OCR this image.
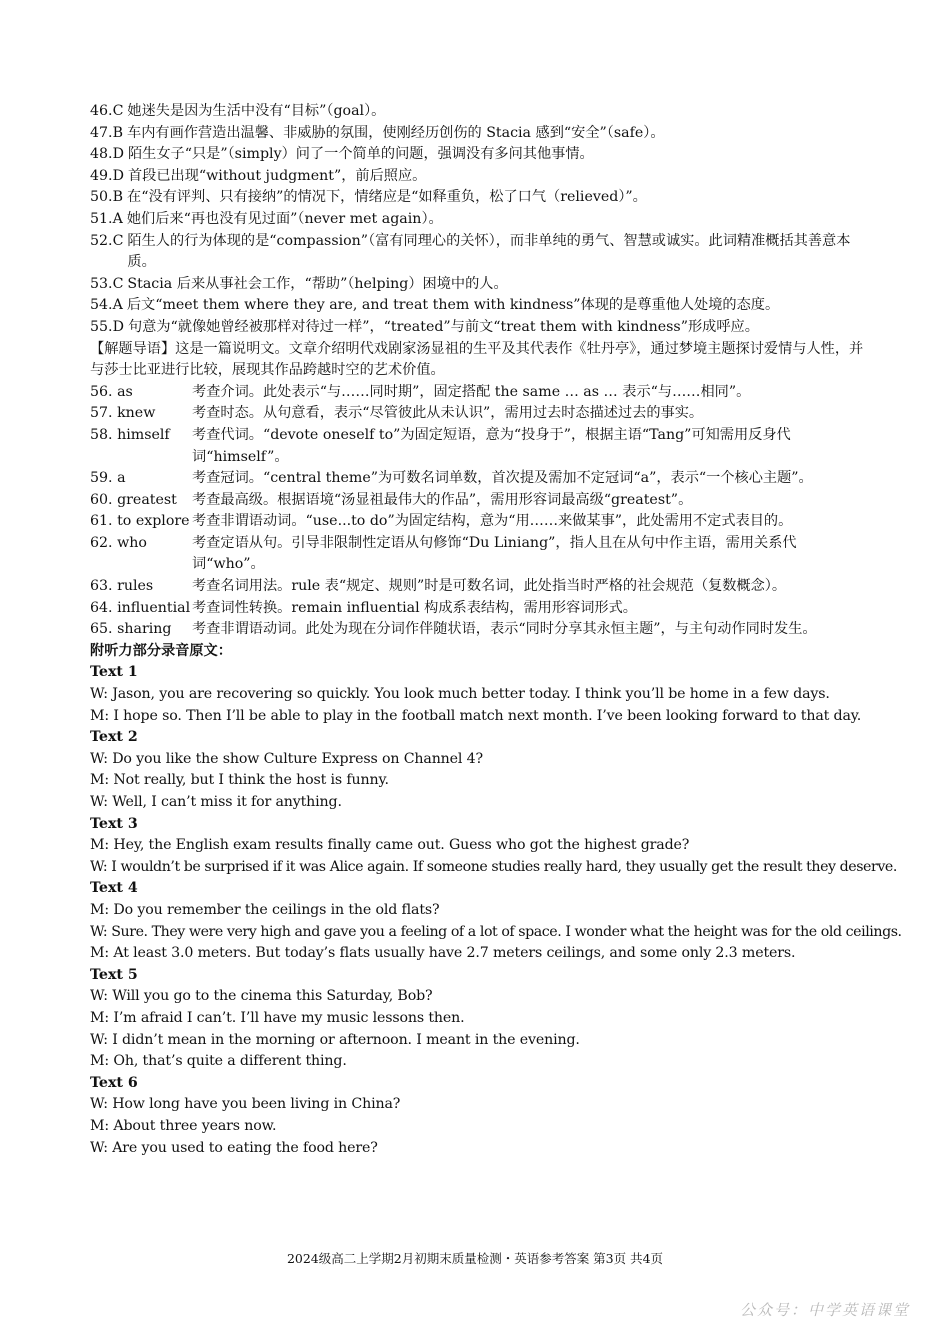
46.C 她迷失是因为生活中没有“目标”（goal）。
47.B 车内有画作营造出温馨、非威胁的氛围，使刚经历创伤的 Stacia 感到“安全”（safe）。
48.D 陌生女子“只是”（simply）问了一个简单的问题，强调没有多问其他事情。
49.D 首段已出现“without judgment”，前后照应。
50.B 在“没有评判、只有接纳”的情况下，情绪应是“如释重负，松了口气（relieved）”。
51.A 她们后来“再也没有见过面”（never met again）。
52.C 陌生人的行为体现的是“compassion”（富有同理心的关怀），而非单纯的勇气、智慧或诚实。此词精准概括其善意本质。
53.C Stacia 后来从事社会工作，“帮助”（helping）困境中的人。
54.A 后文“meet them where they are, and treat them with kindness”体现的是尊重他人处境的态度。
55.D 句意为“就像她曾经被那样对待过一样”，“treated”与前文“treat them with kindness”形成呼应。
【解题导语】这是一篇说明文。文章介绍明代戏剧家汤显祖的生平及其代表作《牡丹亭》，通过梦境主题探讨爱情与人性，并与莎士比亚进行比较，展现其作品跨越时空的艺术价值。
56. as	考查介词。此处表示“与……同时期”，固定搭配 the same … as … 表示“与……相同”。
57. knew	考查时态。从句意看，表示“尽管彼此从未认识”，需用过去时态描述过去的事实。
58. himself	考查代词。“devote oneself to”为固定短语，意为“投身于”，根据主语“Tang”可知需用反身代词“himself”。
59. a	考查冠词。“central theme”为可数名词单数，首次提及需加不定冠词“a”，表示“一个核心主题”。
60. greatest	考查最高级。根据语境“汤显祖最伟大的作品”，需用形容词最高级“greatest”。
61. to explore 考查非谓语动词。“use...to do”为固定结构，意为“用……来做某事”，此处需用不定式表目的。
62. who	考查定语从句。引导非限制性定语从句修饰“Du Liniang”，指人且在从句中作主语，需用关系代词“who”。
63. rules	考查名词用法。rule 表“规定、规则”时是可数名词，此处指当时严格的社会规范（复数概念）。
64. influential 考查词性转换。remain influential 构成系表结构，需用形容词形式。
65. sharing	考查非谓语动词。此处为现在分词作伴随状语，表示“同时分享其永恒主题”，与主句动作同时发生。
附听力部分录音原文：
Text 1
W: Jason, you are recovering so quickly. You look much better today. I think you’ll be home in a few days.
M: I hope so. Then I’ll be able to play in the football match next month. I’ve been looking forward to that day.
Text 2
W: Do you like the show Culture Express on Channel 4?
M: Not really, but I think the host is funny.
W: Well, I can’t miss it for anything.
Text 3
M: Hey, the English exam results finally came out. Guess who got the highest grade?
W: I wouldn’t be surprised if it was Alice again. If someone studies really hard, they usually get the result they deserve.
Text 4
M: Do you remember the ceilings in the old flats?
W: Sure. They were very high and gave you a feeling of a lot of space. I wonder what the height was for the old ceilings.
M: At least 3.0 meters. But today’s flats usually have 2.7 meters ceilings, and some only 2.3 meters.
Text 5
W: Will you go to the cinema this Saturday, Bob?
M: I’m afraid I can’t. I’ll have my music lessons then.
W: I didn’t mean in the morning or afternoon. I meant in the evening.
M: Oh, that’s quite a different thing.
Text 6
W: How long have you been living in China?
M: About three years now.
W: Are you used to eating the food here?
2024级高二上学期2月初期末质量检测・英语参考答案 第3页 共4页
公众号：中学英语课堂
